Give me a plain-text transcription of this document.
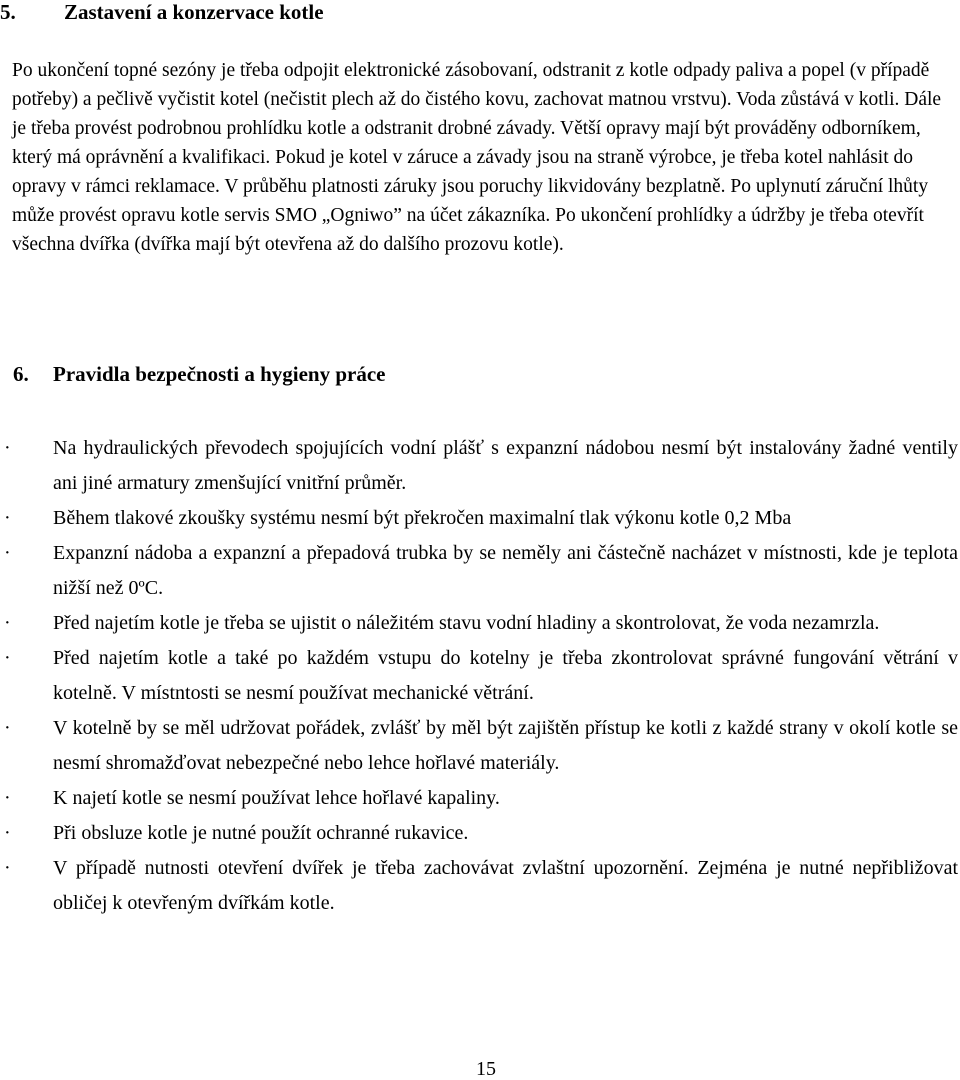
5. Zastavení a konzervace kotle

Po ukončení topné sezóny je třeba odpojit elektronické zásobovaní, odstranit z kotle odpady paliva a popel (v případě potřeby) a pečlivě vyčistit kotel (nečistit plech až do čistého kovu, zachovat matnou vrstvu). Voda zůstává v kotli. Dále je třeba provést podrobnou prohlídku kotle a odstranit drobné závady. Větší opravy mají být prováděny odborníkem, který má oprávnění a kvalifikaci. Pokud je kotel v záruce a závady jsou na straně výrobce, je třeba kotel nahlásit do opravy v rámci reklamace. V průběhu platnosti záruky jsou poruchy likvidovány bezplatně. Po uplynutí záruční lhůty může provést opravu kotle servis SMO „Ogniwo” na účet zákazníka. Po ukončení prohlídky a údržby je třeba otevřít všechna dvířka (dvířka mají být otevřena až do dalšího prozovu kotle).

6. Pravidla bezpečnosti a hygieny práce
· Na hydraulických převodech spojujících vodní plášť s expanzní nádobou nesmí být instalovány žadné ventily ani jiné armatury zmenšující vnitřní průměr.
· Během tlakové zkoušky systému nesmí být překročen maximalní tlak výkonu kotle 0,2 Mba
· Expanzní nádoba a expanzní a přepadová trubka by se neměly ani částečně nacházet v místnosti, kde je teplota nižší než 0ºC.
· Před najetím kotle je třeba se ujistit o náležitém stavu vodní hladiny a skontrolovat, že voda nezamrzla.
· Před najetím kotle a také po každém vstupu do kotelny je třeba zkontrolovat správné fungování větrání v kotelně. V místntosti se nesmí používat mechanické větrání.
· V kotelně by se měl udržovat pořádek, zvlášť by měl být zajištěn přístup ke kotli z každé strany v okolí kotle se nesmí shromažďovat nebezpečné nebo lehce hořlavé materiály.
· K najetí kotle se nesmí používat lehce hořlavé kapaliny.
· Při obsluze kotle je nutné použít ochranné rukavice.
· V případě nutnosti otevření dvířek je třeba zachovávat zvlaštní upozornění. Zejména je nutné nepřibližovat obličej k otevřeným dvířkám kotle.
15
